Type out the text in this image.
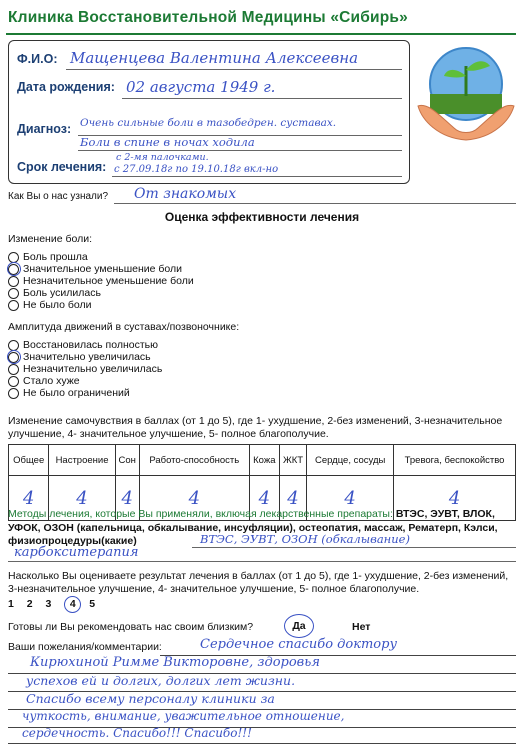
Клиника Восстановительной Медицины «Сибирь»
Ф.И.О: Мащенцева Валентина Алексеевна
Дата рождения: 02 августа 1949 г.
Диагноз: Очень сильные боли в тазобедрен. суставах.
Боли в спине в ночах ходила
Срок лечения:
с 2-мя палочками.
с 27.09.18г по 19.10.18г вкл-но
Как Вы о нас узнали? От знакомых
Оценка эффективности лечения
Изменение боли:
Боль прошла
Значительное уменьшение боли
Незначительное уменьшение боли
Боль усилилась
Не было боли
Амплитуда движений в суставах/позвоночнике:
Восстановилась полностью
Значительно увеличилась
Незначительно увеличилась
Стало хуже
Не было ограничений
Изменение самочувствия в баллах (от 1 до 5), где 1- ухудшение, 2-без изменений, 3-незначительное улучшение, 4- значительное улучшение, 5- полное благополучие.
Общее	Настроение	Сон	Работо-способность	Кожа	ЖКТ	Сердце, сосуды	Тревога, беспокойство
4	4	4	4	4	4	4	4
Методы лечения, которые Вы применяли, включая лекарственные препараты: ВТЭС, ЭУВТ, ВЛОК, УФОК, ОЗОН (капельница, обкалывание, инсуфляции), остеопатия, массаж, Рематерп, Кэлси, физиопроцедуры(какие)	ВТЭС, ЭУВТ, ОЗОН (обкалывание)
карбокситерапия
Насколько Вы оцениваете результат лечения в баллах (от 1 до 5), где 1- ухудшение, 2-без изменений, 3-незначительное улучшение, 4- значительное улучшение, 5- полное благополучие.
1 2 3 4 5
Готовы ли Вы рекомендовать нас своим близким?	Да	Нет
Ваши пожелания/комментарии:	Сердечное спасибо доктору
Кирюхиной Римме Викторовне, здоровья
успехов ей и долгих, долгих лет жизни.
Спасибо всему персоналу клиники за
чуткость, внимание, уважительное отношение,
сердечность. Спасибо!!! Спасибо!!!
